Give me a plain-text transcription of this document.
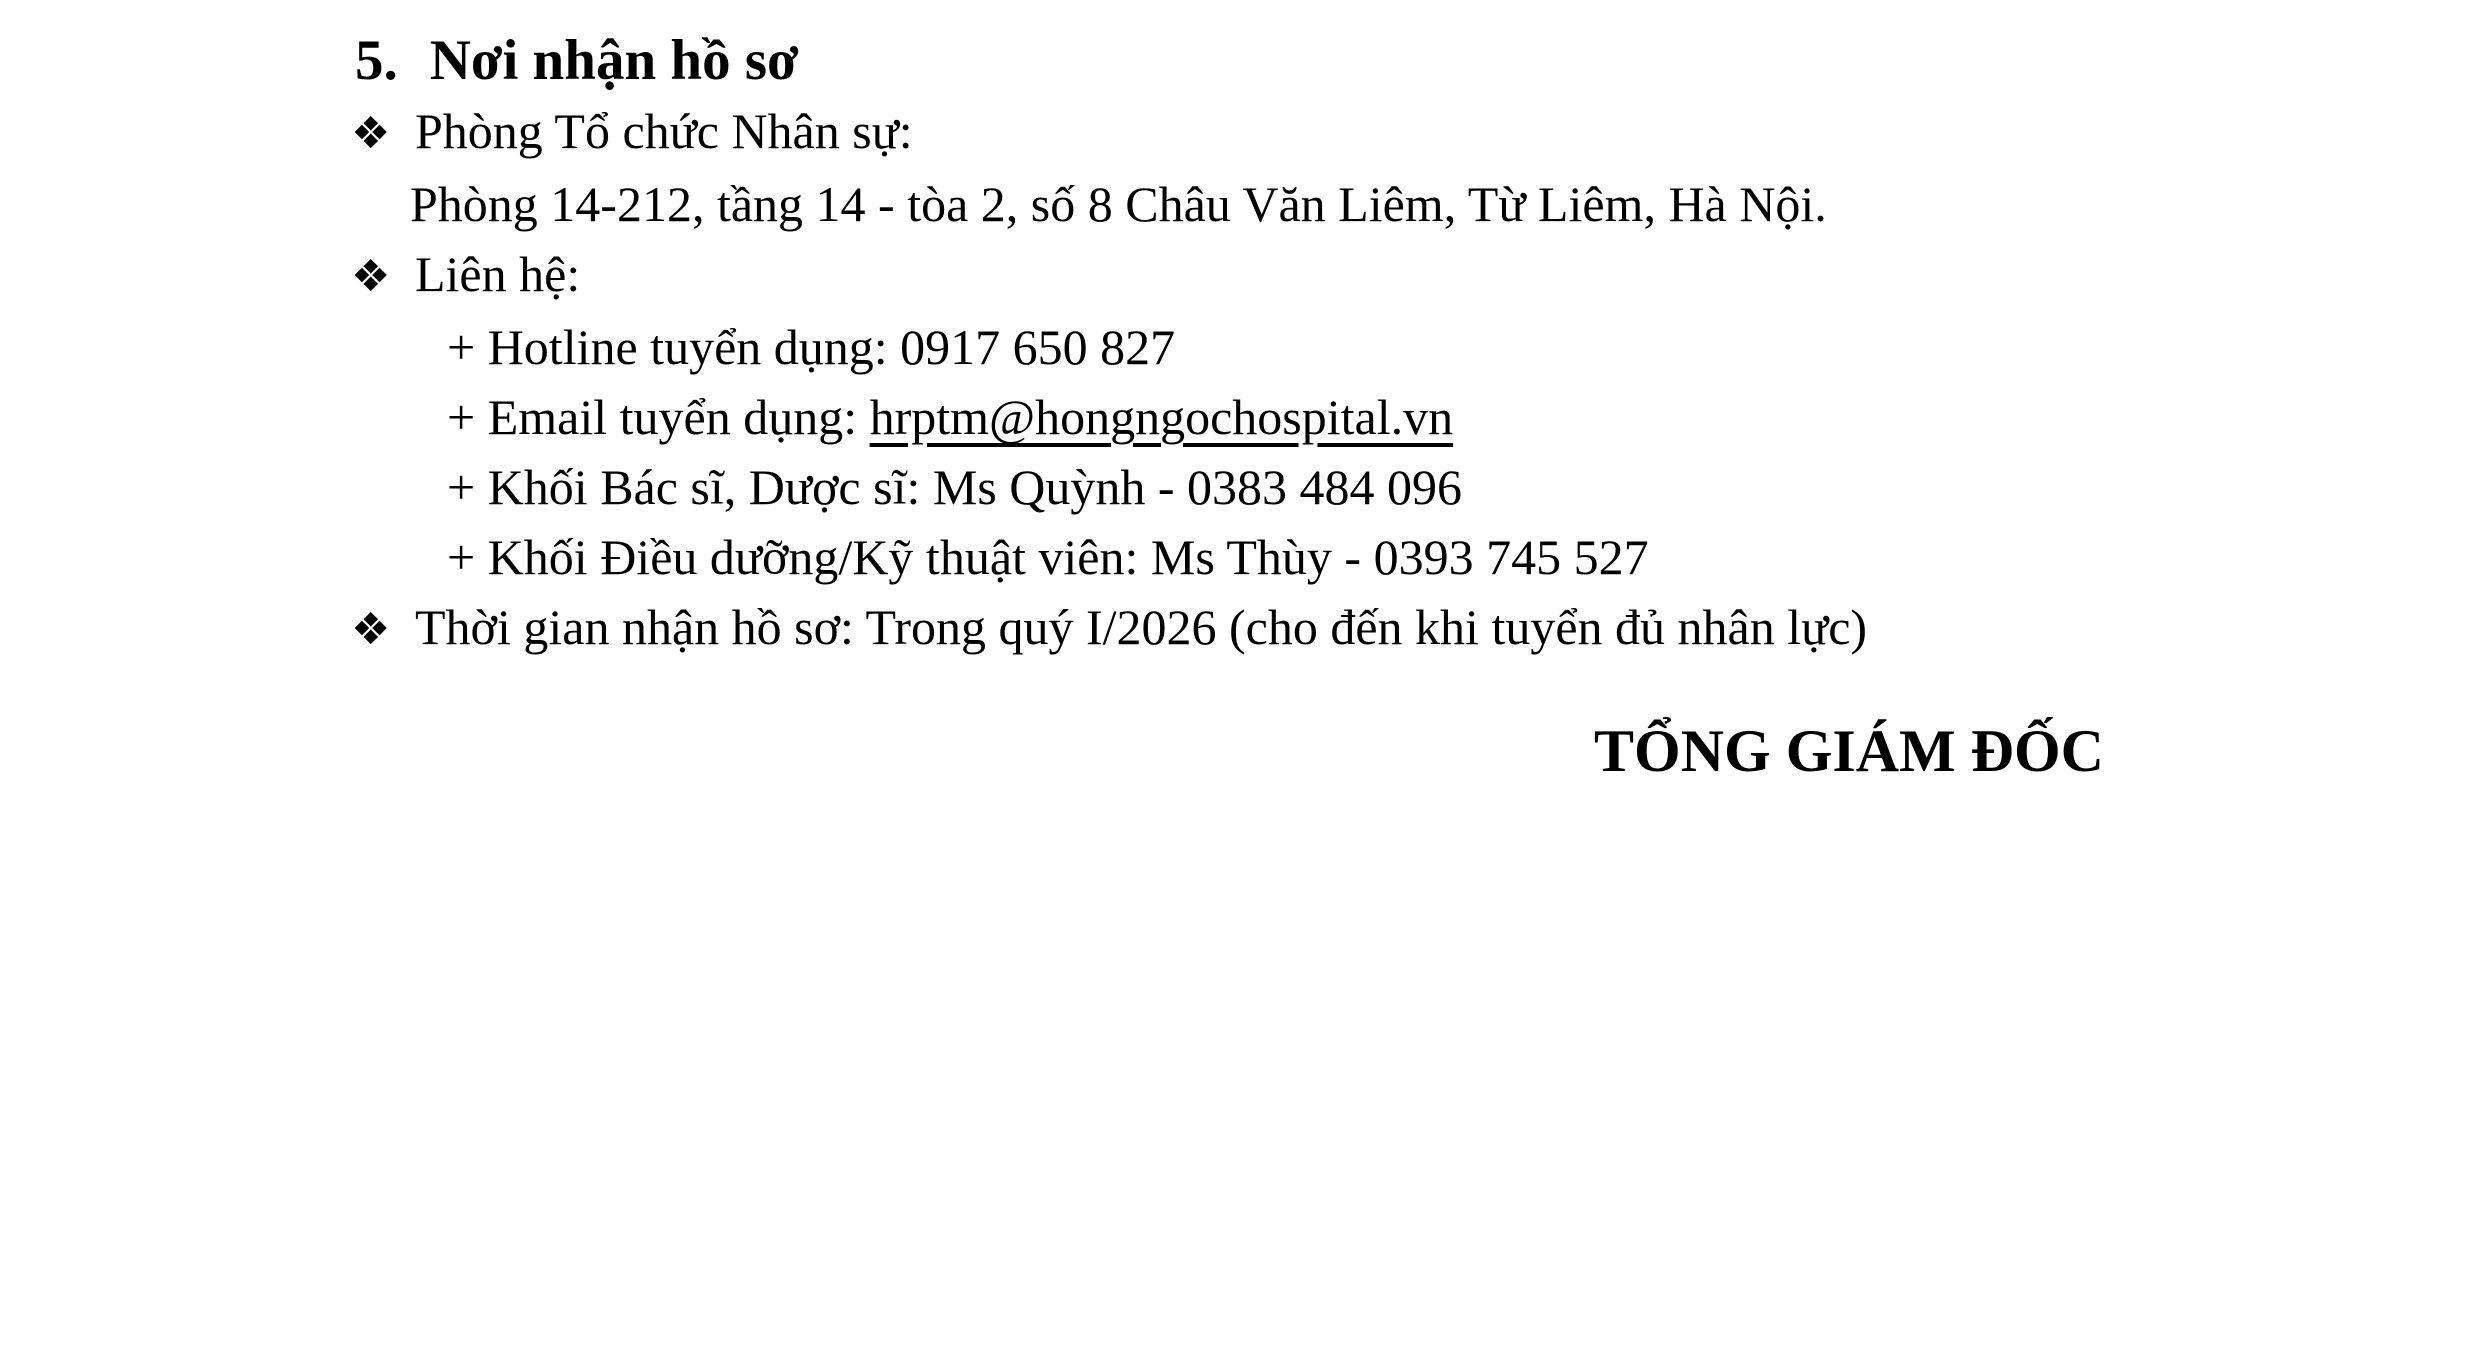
5. Nơi nhận hồ sơ
❖ Phòng Tổ chức Nhân sự:
Phòng 14-212, tầng 14 - tòa 2, số 8 Châu Văn Liêm, Từ Liêm, Hà Nội.
❖ Liên hệ:
+ Hotline tuyển dụng: 0917 650 827
+ Email tuyển dụng: hrptm@hongngochospital.vn
+ Khối Bác sĩ, Dược sĩ: Ms Quỳnh - 0383 484 096
+ Khối Điều dưỡng/Kỹ thuật viên: Ms Thùy - 0393 745 527
❖ Thời gian nhận hồ sơ: Trong quý I/2026 (cho đến khi tuyển đủ nhân lực)
TỔNG GIÁM ĐỐC
